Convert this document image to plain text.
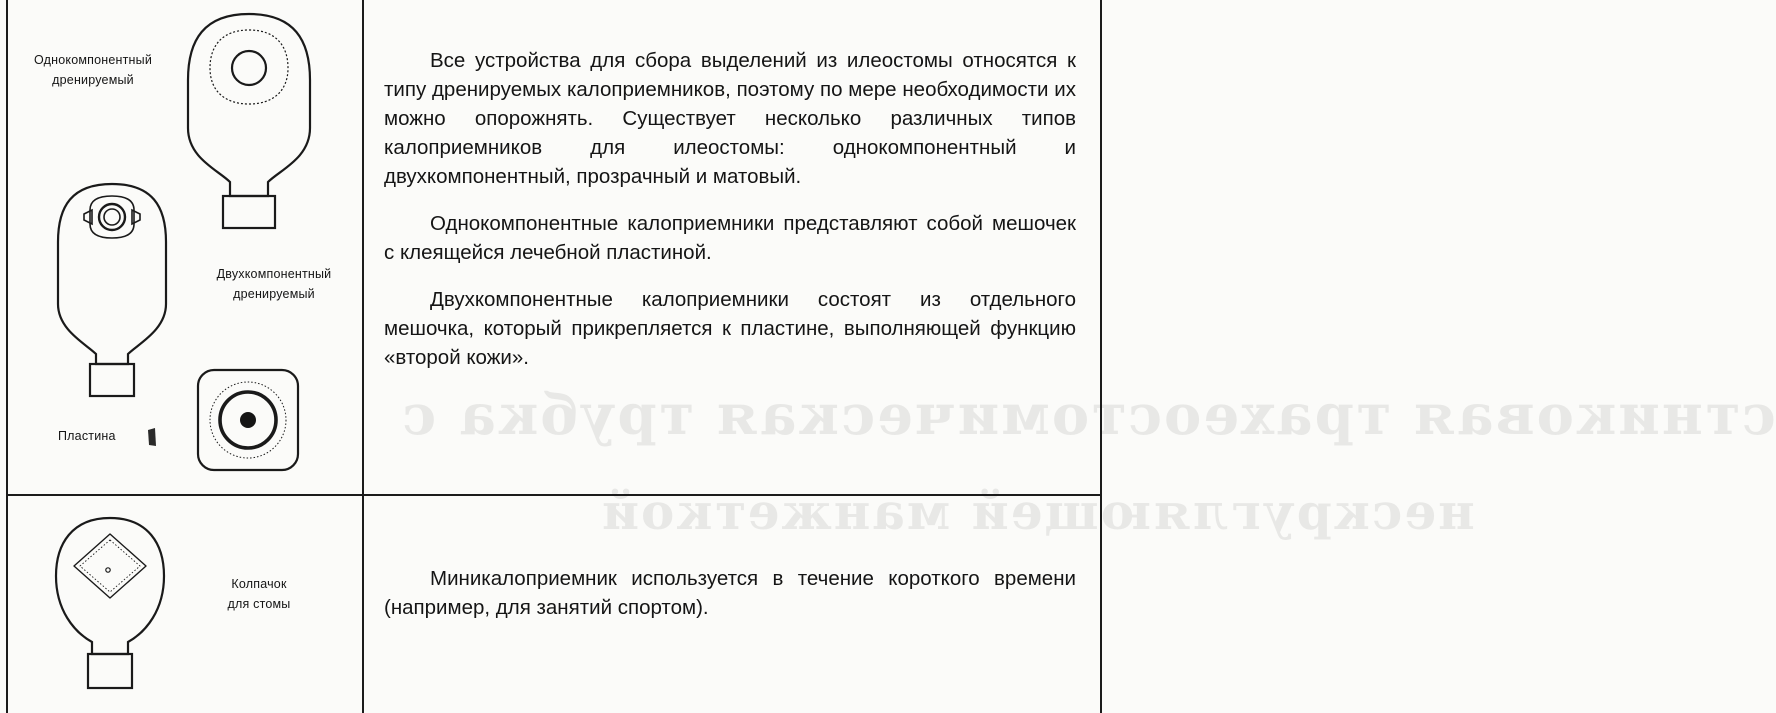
стниковая трахеостомическая трубка с
нескругляющей манжеткой
Однокомпонентный
дренируемый
Двухкомпонентный
дренируемый
Пластина

Все устройства для сбора выделений из илеостомы относятся к типу дренируемых калоприемников, поэтому по мере необходимости их можно опорожнять. Существует несколько различных типов калоприемников для илеостомы: однокомпонентный и двухкомпонентный, прозрачный и матовый.

Однокомпонентные калоприемники представляют собой мешочек с клеящейся лечебной пластиной.

Двухкомпонентные калоприемники состоят из отдельного мешочка, который прикрепляется к пластине, выполняющей функцию «второй кожи».

Колпачок
для стомы

Миникалоприемник используется в течение короткого времени (например, для занятий спортом).
